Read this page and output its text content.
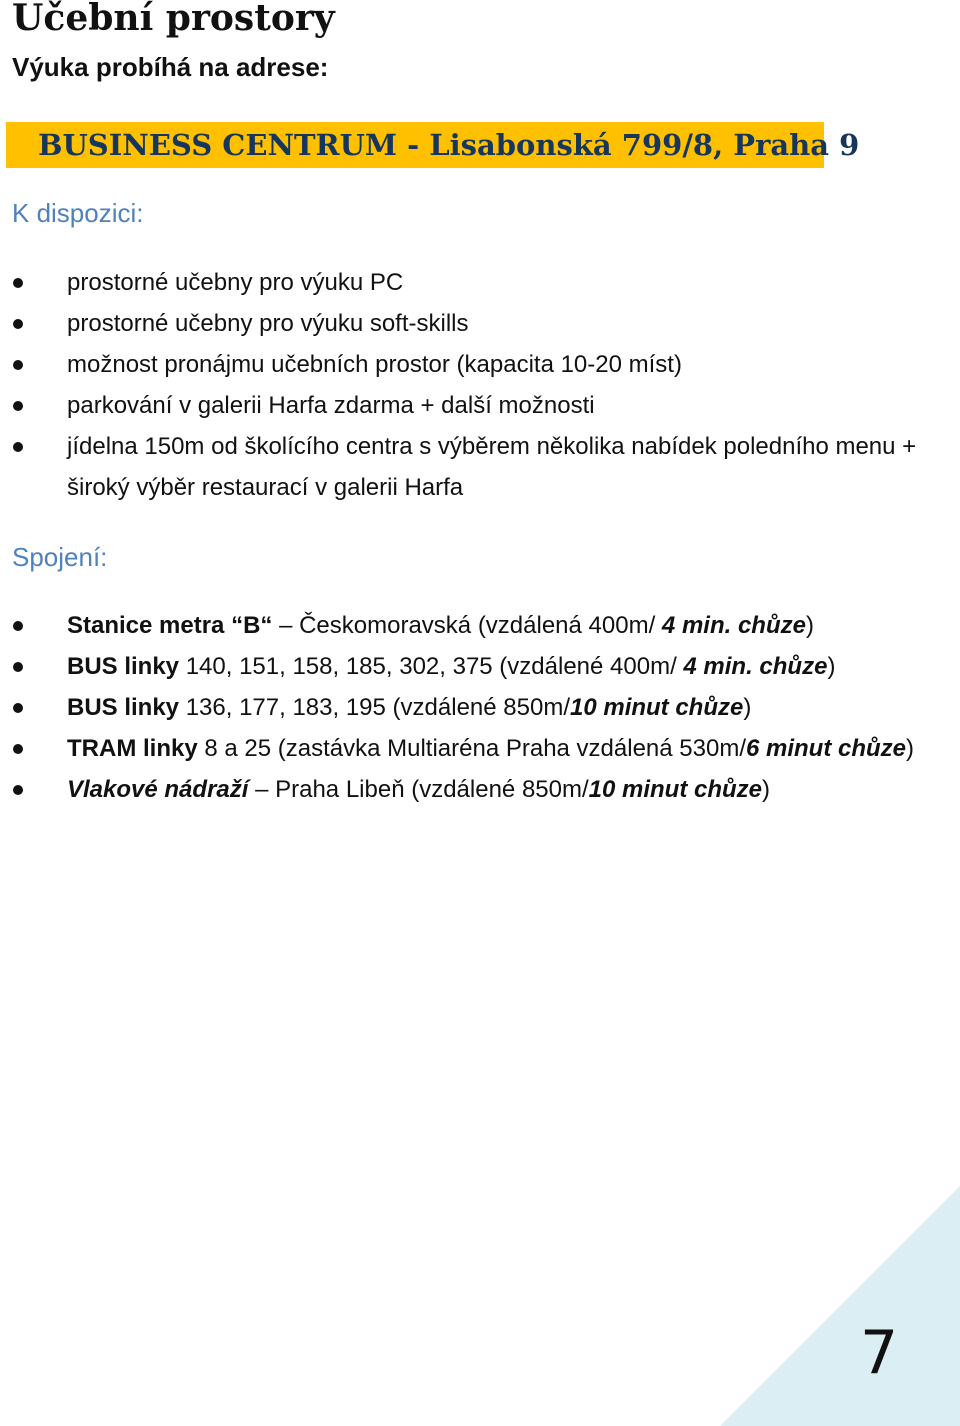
Učební prostory
Výuka probíhá na adrese:
BUSINESS CENTRUM - Lisabonská 799/8, Praha 9
K dispozici:
prostorné učebny pro výuku PC
prostorné učebny pro výuku soft-skills
možnost pronájmu učebních prostor (kapacita 10-20 míst)
parkování v galerii Harfa zdarma + další možnosti
jídelna 150m od školícího centra s výběrem několika nabídek poledního menu + široký výběr restaurací v galerii Harfa
Spojení:
Stanice metra “B“ – Českomoravská (vzdálená 400m/ 4 min. chůze)
BUS linky 140, 151, 158, 185, 302, 375 (vzdálené 400m/ 4 min. chůze)
BUS linky 136, 177, 183, 195 (vzdálené 850m/10 minut chůze)
TRAM linky 8 a 25 (zastávka Multiaréna Praha vzdálená 530m/6 minut chůze)
Vlakové nádraží – Praha Libeň (vzdálené 850m/10 minut chůze)
7
